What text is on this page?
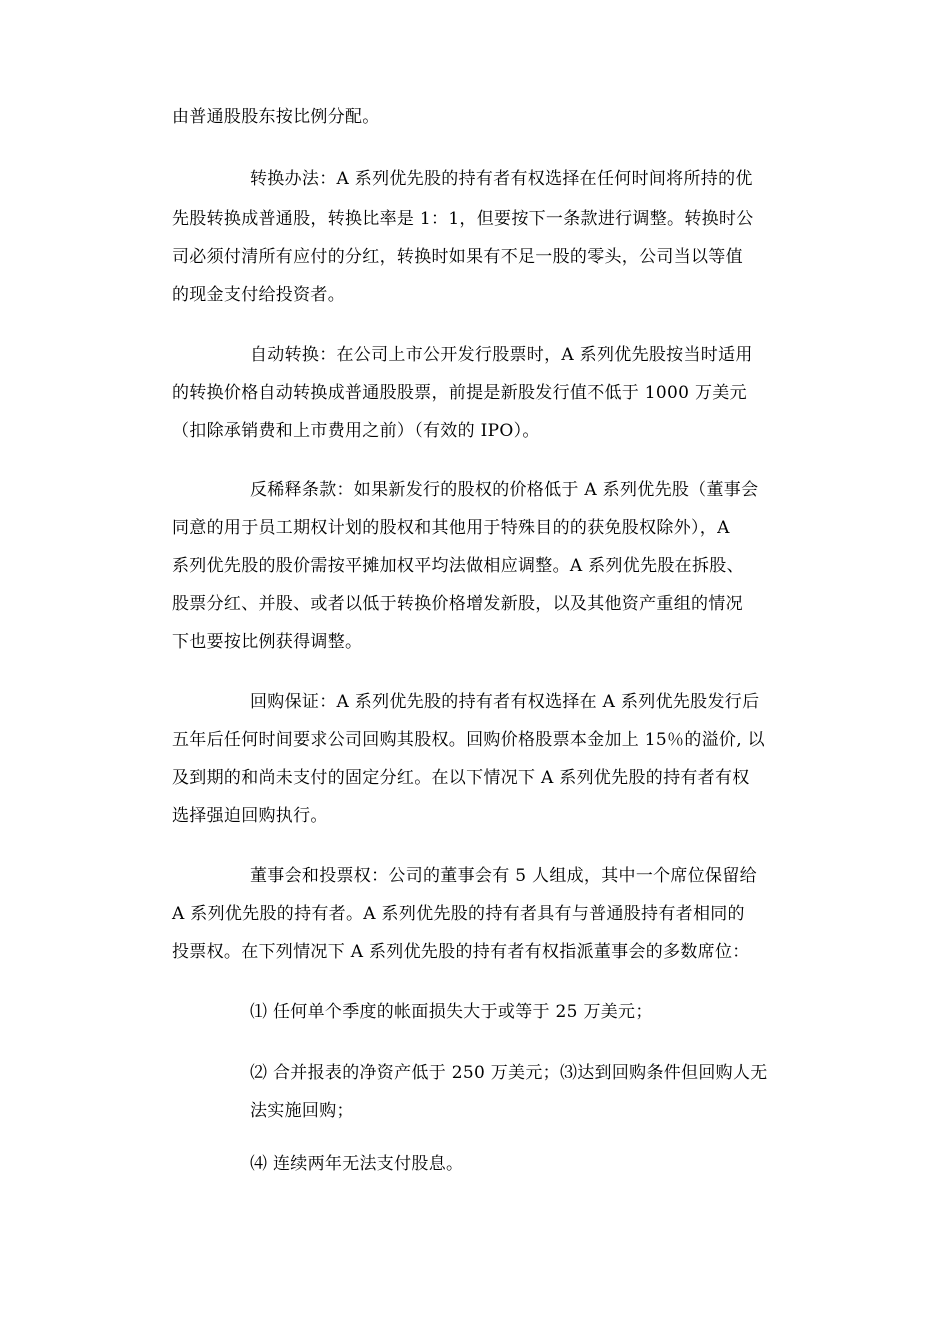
由普通股股东按比例分配。
转换办法：A 系列优先股的持有者有权选择在任何时间将所持的优
先股转换成普通股，转换比率是 1：1，但要按下一条款进行调整。转换时公
司必须付清所有应付的分红，转换时如果有不足一股的零头，公司当以等值
的现金支付给投资者。
自动转换：在公司上市公开发行股票时，A 系列优先股按当时适用
的转换价格自动转换成普通股股票，前提是新股发行值不低于 1000 万美元
（扣除承销费和上市费用之前）（有效的 IPO）。
反稀释条款：如果新发行的股权的价格低于 A 系列优先股（董事会
同意的用于员工期权计划的股权和其他用于特殊目的的获免股权除外），A
系列优先股的股价需按平摊加权平均法做相应调整。A 系列优先股在拆股、
股票分红、并股、或者以低于转换价格增发新股，以及其他资产重组的情况
下也要按比例获得调整。
回购保证：A 系列优先股的持有者有权选择在 A 系列优先股发行后
五年后任何时间要求公司回购其股权。回购价格股票本金加上 15％的溢价, 以
及到期的和尚未支付的固定分红。在以下情况下 A 系列优先股的持有者有权
选择强迫回购执行。
董事会和投票权：公司的董事会有 5 人组成，其中一个席位保留给
A 系列优先股的持有者。A 系列优先股的持有者具有与普通股持有者相同的
投票权。在下列情况下 A 系列优先股的持有者有权指派董事会的多数席位：
⑴ 任何单个季度的帐面损失大于或等于 25 万美元；
⑵ 合并报表的净资产低于 250 万美元；⑶达到回购条件但回购人无
法实施回购；
⑷ 连续两年无法支付股息。
